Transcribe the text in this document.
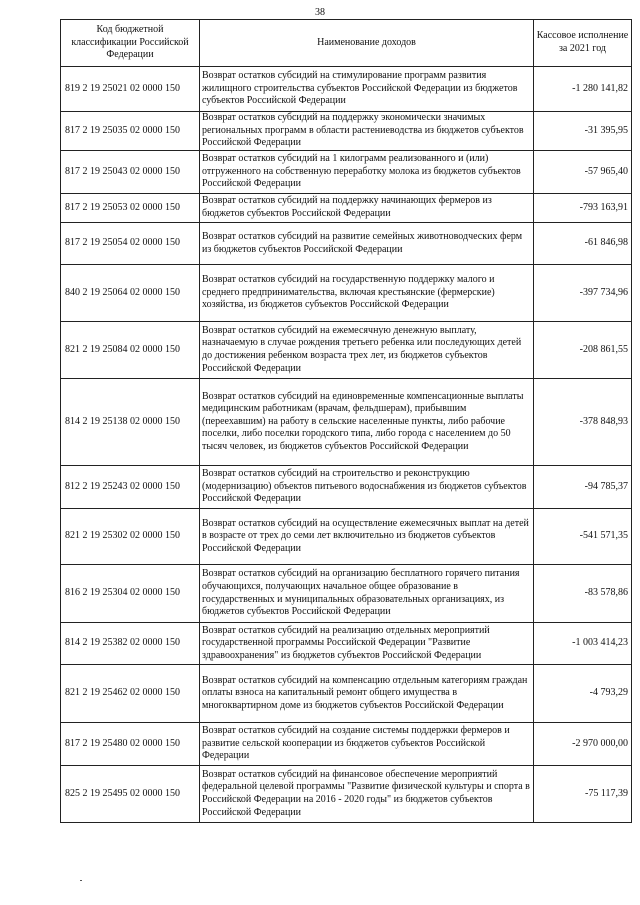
38
Код бюджетной классификации Российской Федерации	Наименование доходов	Кассовое исполнение за 2021 год
819 2 19 25021 02 0000 150	Возврат остатков субсидий на стимулирование программ развития жилищного строительства субъектов Российской Федерации из бюджетов субъектов Российской Федерации	-1 280 141,82
817 2 19 25035 02 0000 150	Возврат остатков субсидий на поддержку экономически значимых региональных программ в области растениеводства из бюджетов субъектов Российской Федерации	-31 395,95
817 2 19 25043 02 0000 150	Возврат остатков субсидий на 1 килограмм реализованного и (или) отгруженного на собственную переработку молока из бюджетов субъектов Российской Федерации	-57 965,40
817 2 19 25053 02 0000 150	Возврат остатков субсидий на поддержку начинающих фермеров из бюджетов субъектов Российской Федерации	-793 163,91
817 2 19 25054 02 0000 150	Возврат остатков субсидий на развитие семейных животноводческих ферм из бюджетов субъектов Российской Федерации	-61 846,98
840 2 19 25064 02 0000 150	Возврат остатков субсидий на государственную поддержку малого и среднего предпринимательства, включая крестьянские (фермерские) хозяйства, из бюджетов субъектов Российской Федерации	-397 734,96
821 2 19 25084 02 0000 150	Возврат остатков субсидий на ежемесячную денежную выплату, назначаемую в случае рождения третьего ребенка или последующих детей до достижения ребенком возраста трех лет, из бюджетов субъектов Российской Федерации	-208 861,55
814 2 19 25138 02 0000 150	Возврат остатков субсидий на единовременные компенсационные выплаты медицинским работникам (врачам, фельдшерам), прибывшим (переехавшим) на работу в сельские населенные пункты, либо рабочие поселки, либо поселки городского типа, либо города с населением до 50 тысяч человек, из бюджетов субъектов Российской Федерации	-378 848,93
812 2 19 25243 02 0000 150	Возврат остатков субсидий на строительство и реконструкцию (модернизацию) объектов питьевого водоснабжения из бюджетов субъектов Российской Федерации	-94 785,37
821 2 19 25302 02 0000 150	Возврат остатков субсидий на осуществление ежемесячных выплат на детей в возрасте от трех до семи лет включительно из бюджетов субъектов Российской Федерации	-541 571,35
816 2 19 25304 02 0000 150	Возврат остатков субсидий на организацию бесплатного горячего питания обучающихся, получающих начальное общее образование в государственных и муниципальных образовательных организациях, из бюджетов субъектов Российской Федерации	-83 578,86
814 2 19 25382 02 0000 150	Возврат остатков субсидий на реализацию отдельных мероприятий государственной программы Российской Федерации "Развитие здравоохранения" из бюджетов субъектов Российской Федерации	-1 003 414,23
821 2 19 25462 02 0000 150	Возврат остатков субсидий на компенсацию отдельным категориям граждан оплаты взноса на капитальный ремонт общего имущества в многоквартирном доме из бюджетов субъектов Российской Федерации	-4 793,29
817 2 19 25480 02 0000 150	Возврат остатков субсидий на создание системы поддержки фермеров и развитие сельской кооперации из бюджетов субъектов Российской Федерации	-2 970 000,00
825 2 19 25495 02 0000 150	Возврат остатков субсидий на финансовое обеспечение мероприятий федеральной целевой программы "Развитие физической культуры и спорта в Российской Федерации на 2016 - 2020 годы" из бюджетов субъектов Российской Федерации	-75 117,39
